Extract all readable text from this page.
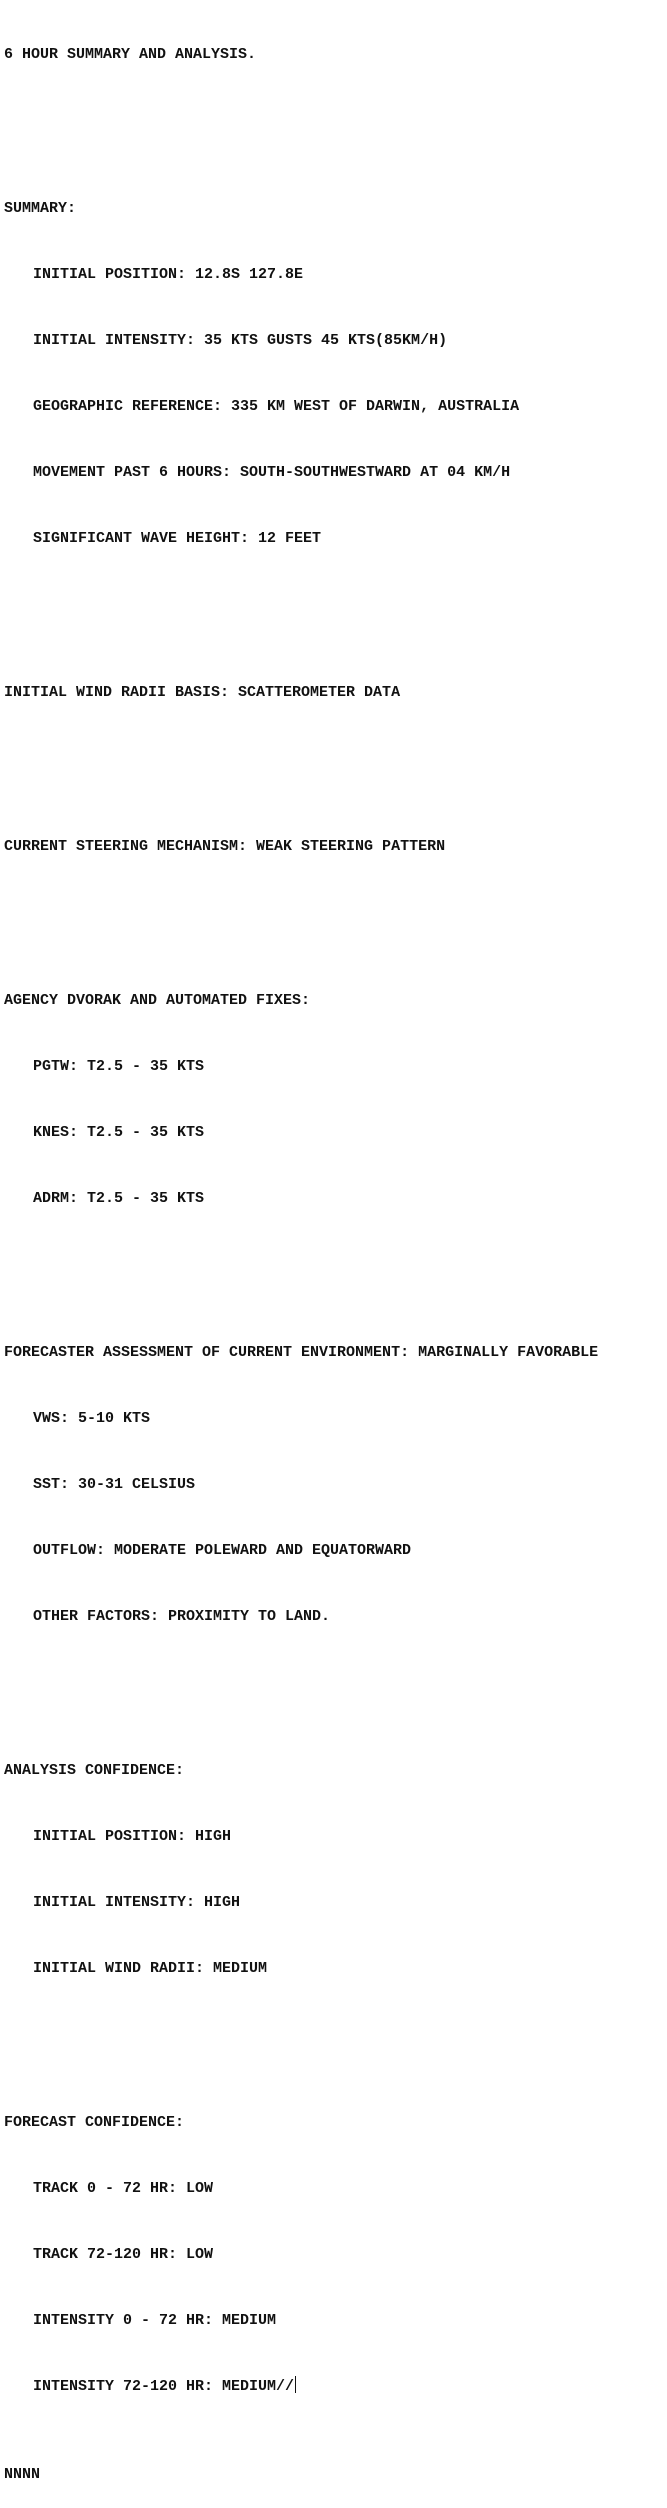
6 HOUR SUMMARY AND ANALYSIS.

SUMMARY:

INITIAL POSITION: 12.8S 127.8E

INITIAL INTENSITY: 35 KTS GUSTS 45 KTS(85KM/H)

GEOGRAPHIC REFERENCE: 335 KM WEST OF DARWIN, AUSTRALIA

MOVEMENT PAST 6 HOURS: SOUTH-SOUTHWESTWARD AT 04 KM/H

SIGNIFICANT WAVE HEIGHT: 12 FEET

INITIAL WIND RADII BASIS: SCATTEROMETER DATA

CURRENT STEERING MECHANISM: WEAK STEERING PATTERN

AGENCY DVORAK AND AUTOMATED FIXES:

PGTW: T2.5 - 35 KTS

KNES: T2.5 - 35 KTS

ADRM: T2.5 - 35 KTS

FORECASTER ASSESSMENT OF CURRENT ENVIRONMENT: MARGINALLY FAVORABLE

VWS: 5-10 KTS

SST: 30-31 CELSIUS

OUTFLOW: MODERATE POLEWARD AND EQUATORWARD

OTHER FACTORS: PROXIMITY TO LAND.

ANALYSIS CONFIDENCE:

INITIAL POSITION: HIGH

INITIAL INTENSITY: HIGH

INITIAL WIND RADII: MEDIUM

FORECAST CONFIDENCE:

TRACK 0 - 72 HR: LOW

TRACK 72-120 HR: LOW

INTENSITY 0 - 72 HR: MEDIUM

INTENSITY 72-120 HR: MEDIUM//

NNNN
